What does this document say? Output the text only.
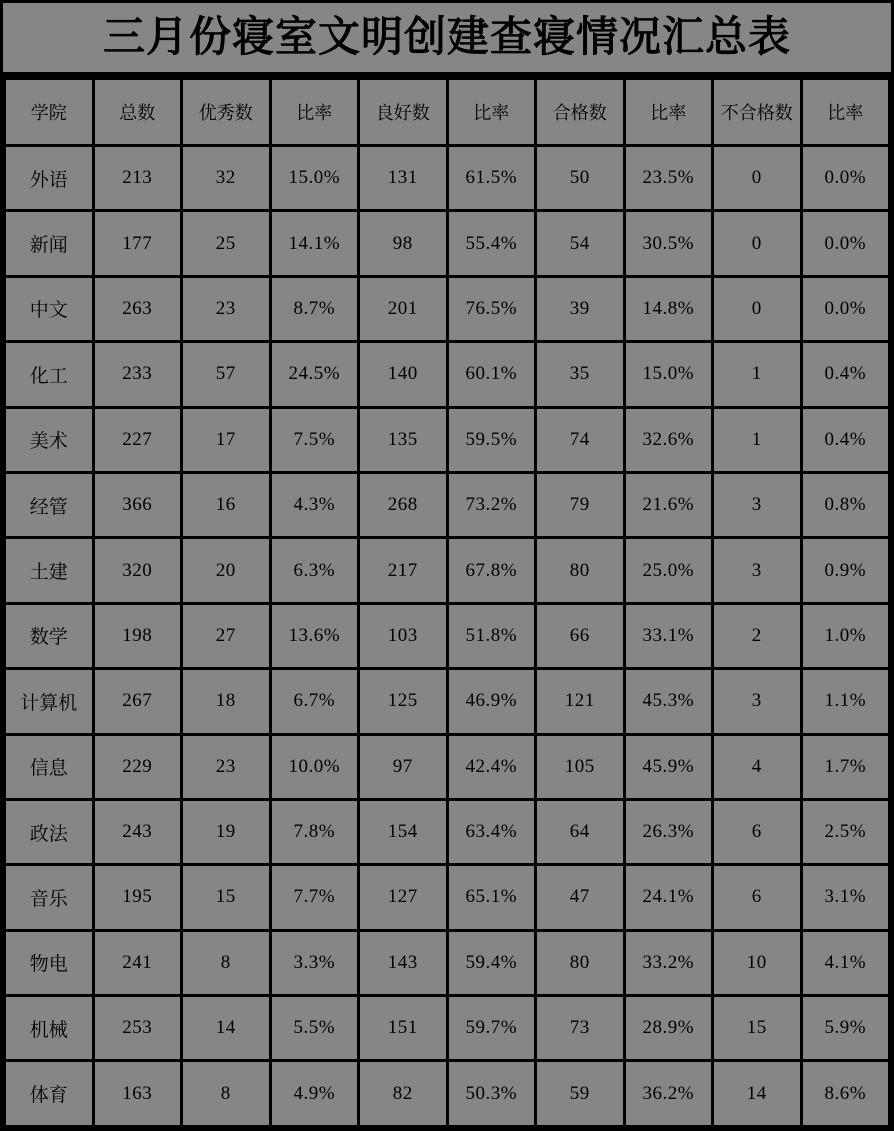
三月份寝室文明创建查寝情况汇总表
学院	总数	优秀数	比率	良好数	比率	合格数	比率	不合格数	比率
外语	213	32	15.0%	131	61.5%	50	23.5%	0	0.0%
新闻	177	25	14.1%	98	55.4%	54	30.5%	0	0.0%
中文	263	23	8.7%	201	76.5%	39	14.8%	0	0.0%
化工	233	57	24.5%	140	60.1%	35	15.0%	1	0.4%
美术	227	17	7.5%	135	59.5%	74	32.6%	1	0.4%
经管	366	16	4.3%	268	73.2%	79	21.6%	3	0.8%
土建	320	20	6.3%	217	67.8%	80	25.0%	3	0.9%
数学	198	27	13.6%	103	51.8%	66	33.1%	2	1.0%
计算机	267	18	6.7%	125	46.9%	121	45.3%	3	1.1%
信息	229	23	10.0%	97	42.4%	105	45.9%	4	1.7%
政法	243	19	7.8%	154	63.4%	64	26.3%	6	2.5%
音乐	195	15	7.7%	127	65.1%	47	24.1%	6	3.1%
物电	241	8	3.3%	143	59.4%	80	33.2%	10	4.1%
机械	253	14	5.5%	151	59.7%	73	28.9%	15	5.9%
体育	163	8	4.9%	82	50.3%	59	36.2%	14	8.6%
